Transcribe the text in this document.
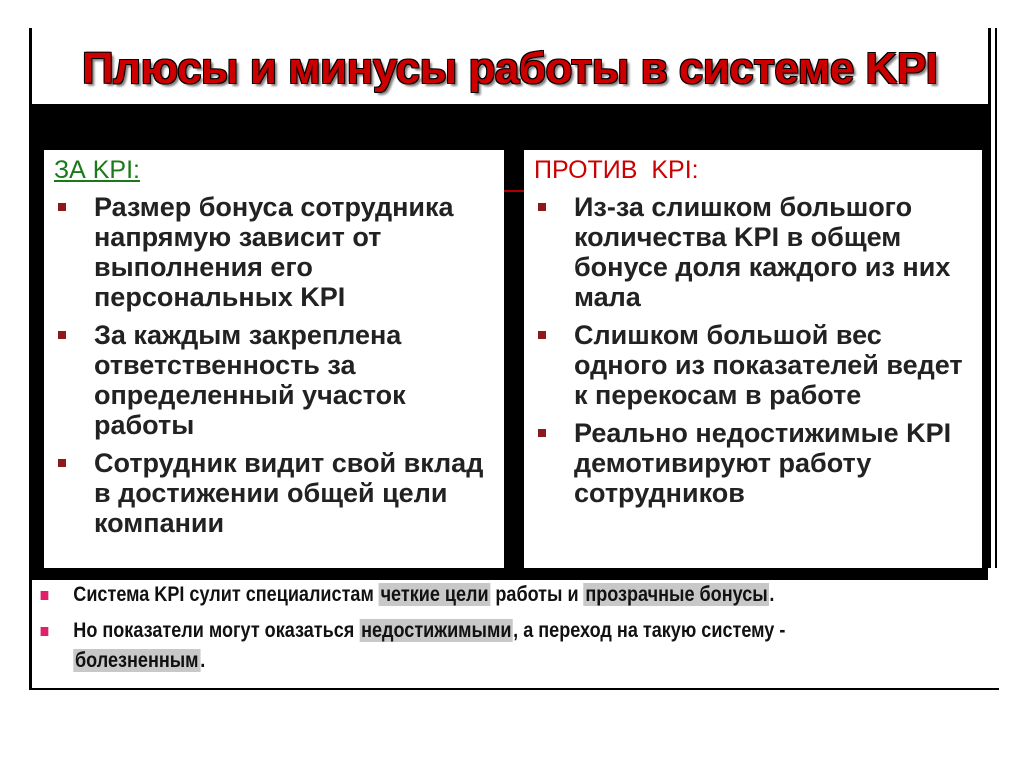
Плюсы и минусы работы в системе KPI
ЗА KPI:
Размер бонуса сотрудника напрямую зависит от выполнения его персональных KPI
За каждым закреплена ответственность за определенный участок работы
Сотрудник видит свой вклад в достижении общей цели компании
ПРОТИВ  KPI:
Из-за слишком большого количества KPI в общем бонусе доля каждого из них мала
Слишком большой вес одного из показателей ведет к перекосам в работе
Реально недостижимые KPI демотивируют работу сотрудников
Система KPI сулит специалистам четкие цели работы и прозрачные бонусы.
Но показатели могут оказаться недостижимыми, а переход на такую систему -
болезненным.
